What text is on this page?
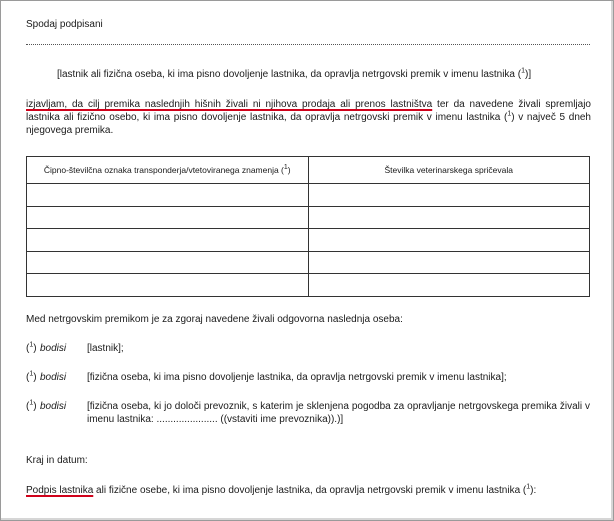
Spodaj podpisani
[lastnik ali fizična oseba, ki ima pisno dovoljenje lastnika, da opravlja netrgovski premik v imenu lastnika ($^1$)]
izjavljam, da cilj premika naslednjih hišnih živali ni njihova prodaja ali prenos lastništva ter da navedene živali spremljajo lastnika ali fizično osebo, ki ima pisno dovoljenje lastnika, da opravlja netrgovski premik v imenu lastnika ($^1$) v največ 5 dneh njegovega premika.
Čipno-številčna oznaka transponderja/vtetoviranega znamenja ($^1$)	Številka veterinarskega spričevala

Med netrgovskim premikom je za zgoraj navedene živali odgovorna naslednja oseba:
($^1$) bodisi [lastnik];
($^1$) bodisi [fizična oseba, ki ima pisno dovoljenje lastnika, da opravlja netrgovski premik v imenu lastnika];
($^1$) bodisi [fizična oseba, ki jo določi prevoznik, s katerim je sklenjena pogodba za opravljanje netrgovskega premika živali v imenu lastnika: ...................... ((vstaviti ime prevoznika)).)]
Kraj in datum:
Podpis lastnika ali fizične osebe, ki ima pisno dovoljenje lastnika, da opravlja netrgovski premik v imenu lastnika ($^1$):
